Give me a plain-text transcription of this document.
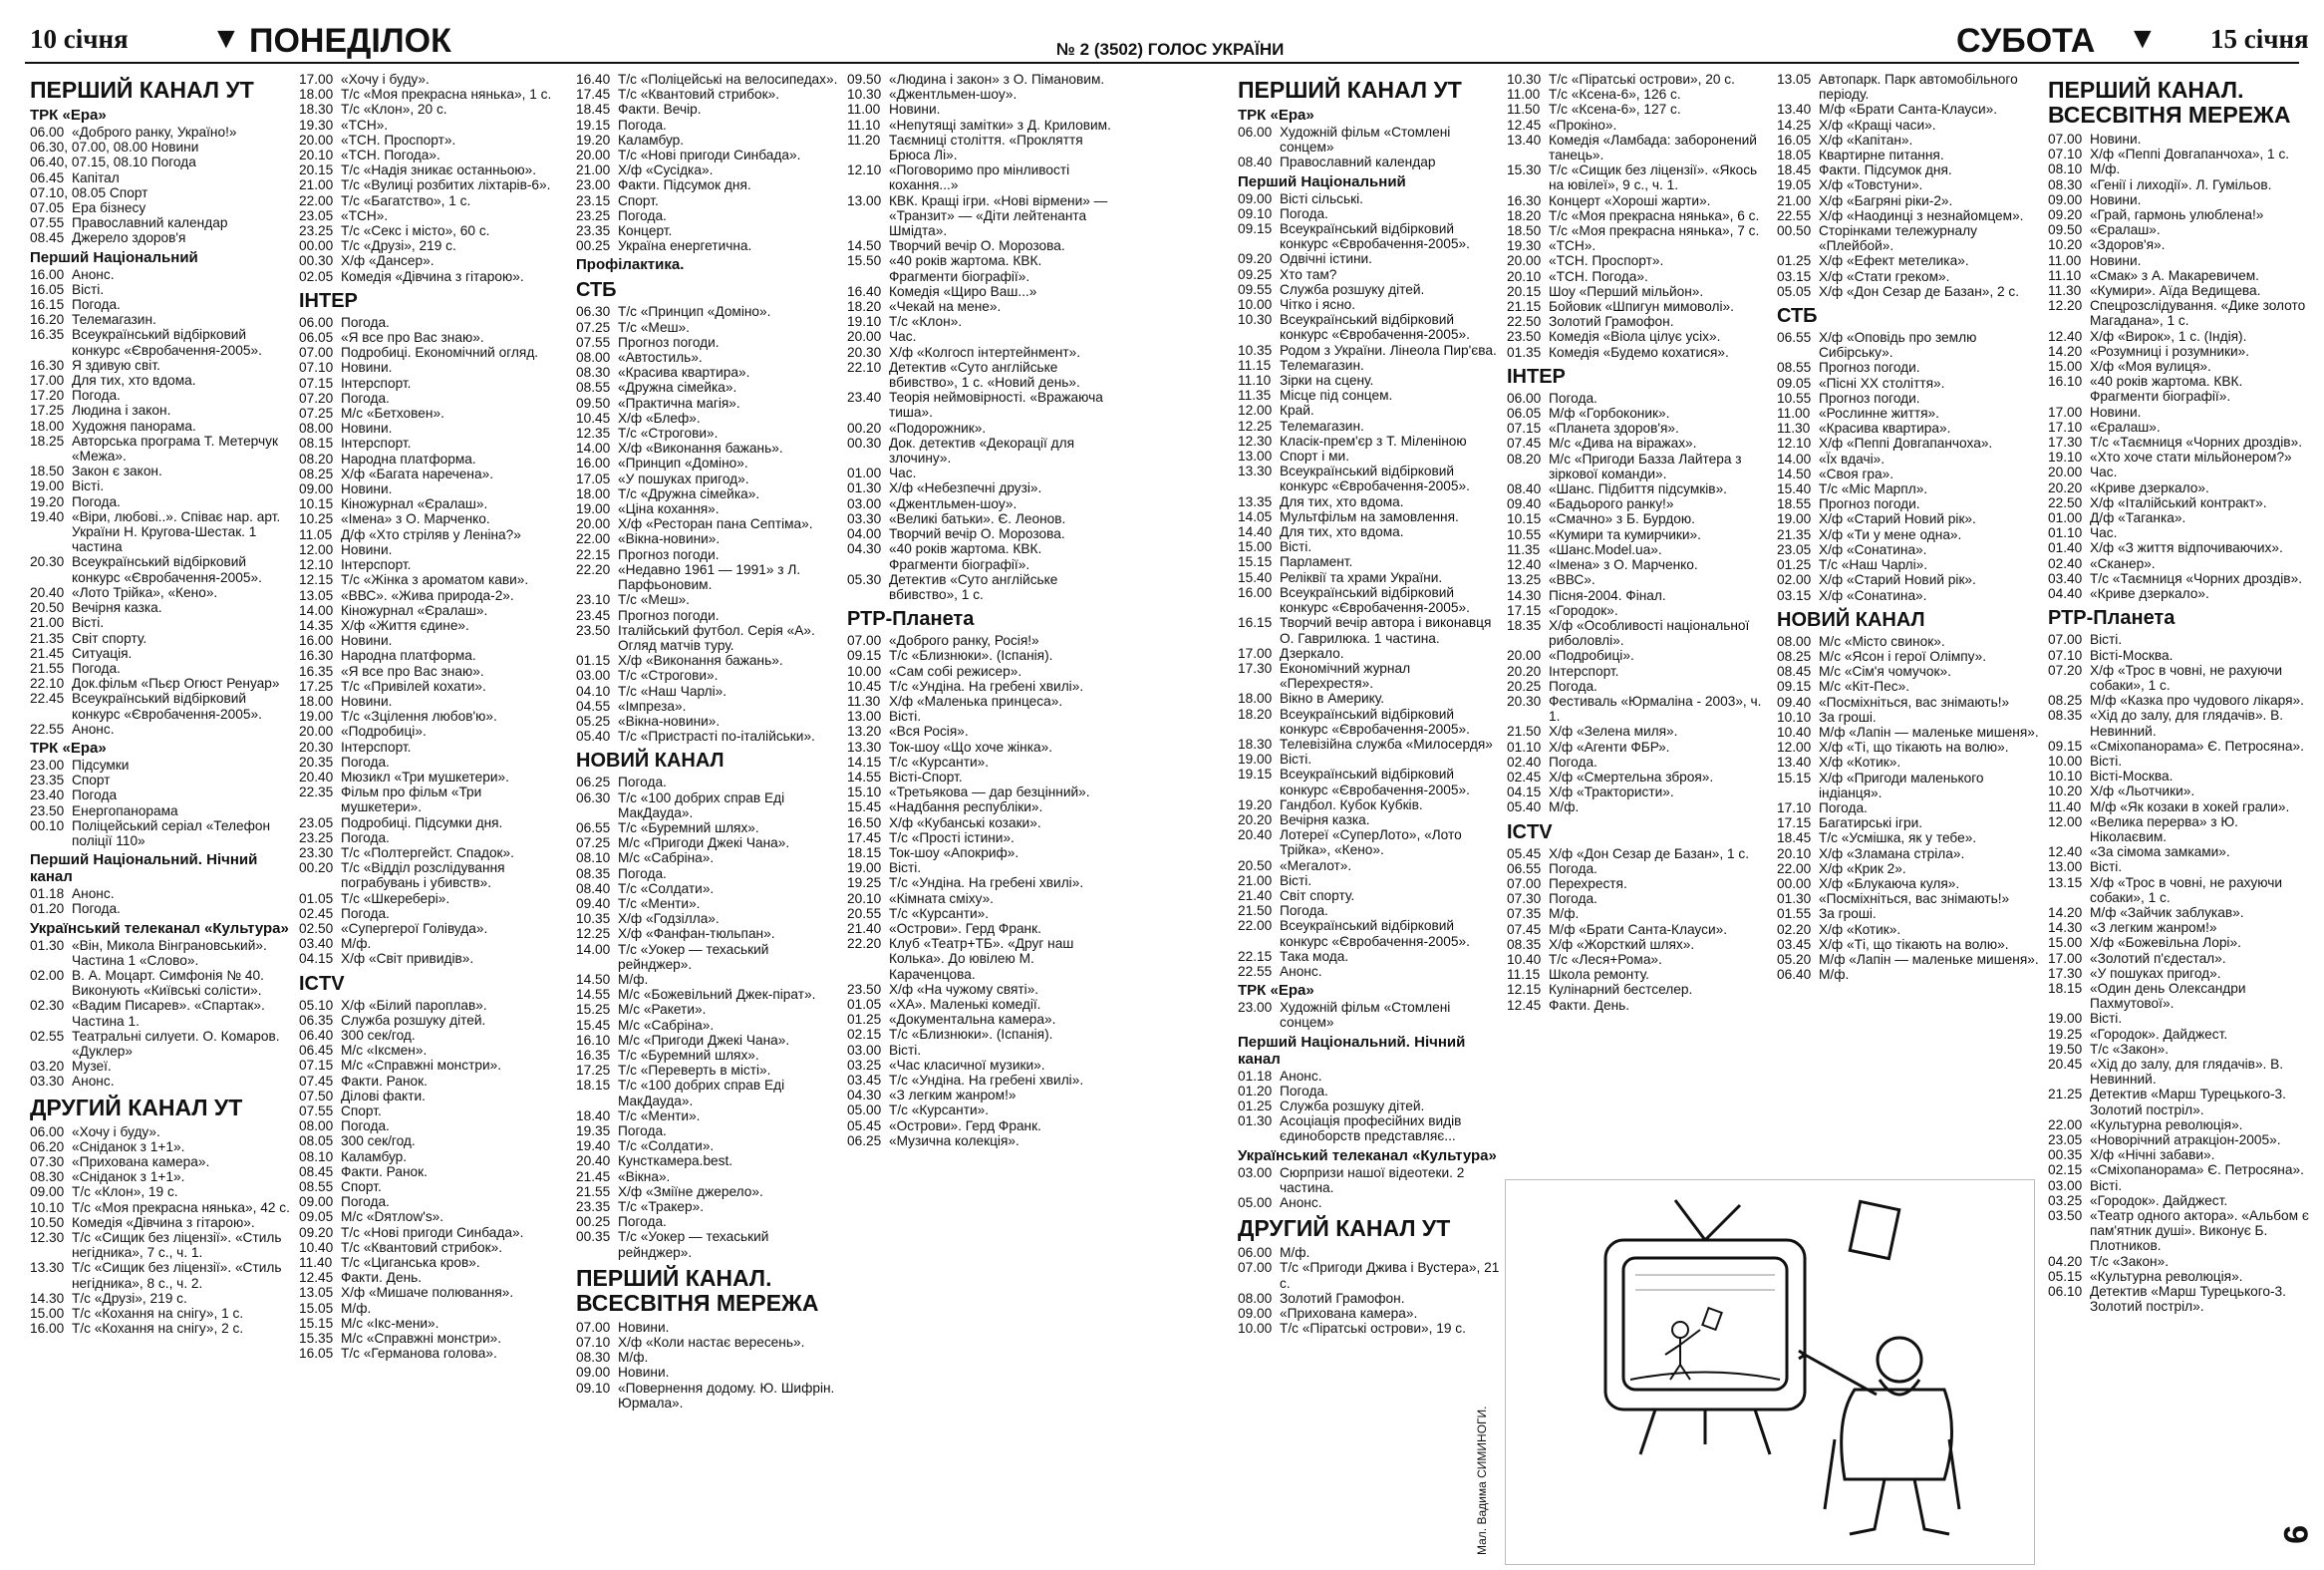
10 січня	▼ ПОНЕДІЛОК	№ 2 (3502) ГОЛОС УКРАЇНИ	СУБОТА ▼ 15 січня
ПЕРШИЙ КАНАЛ УТ
ТРК «Ера»
06.00 «Доброго ранку, Україно!»
06.30, 07.00, 08.00 Новини
06.40, 07.15, 08.10 Погода
06.45 Капітал
07.10, 08.05 Спорт
07.05 Ера бізнесу
07.55 Православний календар
08.45 Джерело здоров'я
Перший Національний
16.00 Анонс.
16.05 Вісті.
16.15 Погода.
16.20 Телемагазин.
16.35 Всеукраїнський відбірковий конкурс «Євробачення-2005».
16.30 Я здивую світ.
17.00 Для тих, хто вдома.
17.20 Погода.
17.25 Людина і закон.
18.00 Художня панорама.
18.25 Авторська програма Т. Метерчук «Межа».
18.50 Закон є закон.
19.00 Вісті.
19.20 Погода.
19.40 «Віри, любові..». Співає нар. арт. України Н. Кругова-Шестак. 1 частина
20.30 Всеукраїнський відбірковий конкурс «Євробачення-2005».
20.40 «Лото Трійка», «Кено».
20.50 Вечірня казка.
21.00 Вісті.
21.35 Світ спорту.
21.45 Ситуація.
21.55 Погода.
22.10 Док.фільм «Пьєр Огюст Ренуар»
22.45 Всеукраїнський відбірковий конкурс «Євробачення-2005».
22.55 Анонс.
ТРК «Ера»
23.00 Підсумки
23.35 Спорт
23.40 Погода
23.50 Енергопанорама
00.10 Поліцейський серіал «Телефон поліції 110»
Перший Національний. Нічний канал
01.18 Анонс.
01.20 Погода.
Український телеканал «Культура»
01.30 «Він, Микола Вінграновський». Частина 1 «Слово».
02.00 В. А. Моцарт. Симфонія № 40. Виконують «Київські солісти».
02.30 «Вадим Писарев». «Спартак». Частина 1.
02.55 Театральні силуети. О. Комаров. «Дуклер»
03.20 Музеї.
03.30 Анонс.
ДРУГИЙ КАНАЛ УТ
06.00 «Хочу і буду».
06.20 «Сніданок з 1+1».
07.30 «Прихована камера».
08.30 «Сніданок з 1+1».
09.00 Т/с «Клон», 19 с.
10.10 Т/с «Моя прекрасна нянька», 42 с.
10.50 Комедія «Дівчина з гітарою».
12.30 Т/с «Сищик без ліцензії». «Стиль негідника», 7 с., ч. 1.
13.30 Т/с «Сищик без ліцензії». «Стиль негідника», 8 с., ч. 2.
14.30 Т/с «Друзі», 219 с.
15.00 Т/с «Кохання на снігу», 1 с.
16.00 Т/с «Кохання на снігу», 2 с.
17.00 «Хочу і буду».
18.00 Т/с «Моя прекрасна нянька», 1 с.
18.30 Т/с «Клон», 20 с.
19.30 «ТСН».
20.00 «ТСН. Проспорт».
20.10 «ТСН. Погода».
20.15 Т/с «Надія зникає останньою».
21.00 Т/с «Вулиці розбитих ліхтарів-6».
22.00 Т/с «Багатство», 1 с.
23.05 «ТСН».
23.25 Т/с «Секс і місто», 60 с.
00.00 Т/с «Друзі», 219 с.
00.30 Х/ф «Дансер».
02.05 Комедія «Дівчина з гітарою».
ІНТЕР
06.00 Погода.
06.05 «Я все про Вас знаю».
07.00 Подробиці. Економічний огляд.
07.10 Новини.
07.15 Інтерспорт.
07.20 Погода.
07.25 М/с «Бетховен».
08.00 Новини.
08.15 Інтерспорт.
08.20 Народна платформа.
08.25 Х/ф «Багата наречена».
09.00 Новини.
10.15 Кіножурнал «Єралаш».
10.25 «Імена» з О. Марченко.
11.05 Д/ф «Хто стріляв у Леніна?»
12.00 Новини.
12.10 Інтерспорт.
12.15 Т/с «Жінка з ароматом кави».
13.05 «ВВС». «Жива природа-2».
14.00 Кіножурнал «Єралаш».
14.35 Х/ф «Життя єдине».
16.00 Новини.
16.30 Народна платформа.
16.35 «Я все про Вас знаю».
17.25 Т/с «Привілей кохати».
18.00 Новини.
19.00 Т/с «Зцілення любов'ю».
20.00 «Подробиці».
20.30 Інтерспорт.
20.35 Погода.
20.40 Мюзикл «Три мушкетери».
22.35 Фільм про фільм «Три мушкетери».
23.05 Подробиці. Підсумки дня.
23.25 Погода.
23.30 Т/с «Полтергейст. Спадок».
00.20 Т/с «Відділ розслідування пограбувань і убивств».
01.05 Т/с «Шкеребері».
02.45 Погода.
02.50 «Супергерої Голівуда».
03.40 М/ф.
04.15 Х/ф «Світ привидів».
ICTV
05.10 Х/ф «Білий пароплав».
06.35 Служба розшуку дітей.
06.40 300 сек/год.
06.45 М/с «Іксмен».
07.15 М/с «Справжні монстри».
07.45 Факти. Ранок.
07.50 Ділові факти.
07.55 Спорт.
08.00 Погода.
08.05 300 сек/год.
08.10 Каламбур.
08.45 Факти. Ранок.
08.55 Спорт.
09.00 Погода.
09.05 М/с «Dятлow's».
09.20 Т/с «Нові пригоди Синбада».
10.40 Т/с «Квантовий стрибок».
11.40 Т/с «Циганська кров».
12.45 Факти. День.
13.05 Х/ф «Мишаче полювання».
15.05 М/ф.
15.15 М/с «Ікс-мени».
15.35 М/с «Справжні монстри».
16.05 Т/с «Германова голова».
16.40 Т/с «Поліцейські на велосипедах».
17.45 Т/с «Квантовий стрибок».
18.45 Факти. Вечір.
19.15 Погода.
19.20 Каламбур.
20.00 Т/с «Нові пригоди Синбада».
21.00 Х/ф «Сусідка».
23.00 Факти. Підсумок дня.
23.15 Спорт.
23.25 Погода.
23.35 Концерт.
00.25 Україна енергетична.
Профілактика.
СТБ
06.30 Т/с «Принцип «Доміно».
07.25 Т/с «Меш».
07.55 Прогноз погоди.
08.00 «Автостиль».
08.30 «Красива квартира».
08.55 «Дружна сімейка».
09.50 «Практична магія».
10.45 Х/ф «Блеф».
12.35 Т/с «Строгови».
14.00 Х/ф «Виконання бажань».
16.00 «Принцип «Доміно».
17.05 «У пошуках пригод».
18.00 Т/с «Дружна сімейка».
19.00 «Ціна кохання».
20.00 Х/ф «Ресторан пана Септіма».
22.00 «Вікна-новини».
22.15 Прогноз погоди.
22.20 «Недавно 1961 — 1991» з Л. Парфьоновим.
23.10 Т/с «Меш».
23.45 Прогноз погоди.
23.50 Італійський футбол. Серія «А». Огляд матчів туру.
01.15 Х/ф «Виконання бажань».
03.00 Т/с «Строгови».
04.10 Т/с «Наш Чарлі».
04.55 «Імпреза».
05.25 «Вікна-новини».
05.40 Т/с «Пристрасті по-італійськи».
НОВИЙ КАНАЛ
06.25 Погода.
06.30 Т/с «100 добрих справ Еді МакДауда».
06.55 Т/с «Буремний шлях».
07.25 М/с «Пригоди Джекі Чана».
08.10 М/с «Сабріна».
08.35 Погода.
08.40 Т/с «Солдати».
09.40 Т/с «Менти».
10.35 Х/ф «Годзілла».
12.25 Х/ф «Фанфан-тюльпан».
14.00 Т/с «Уокер — техаський рейнджер».
14.50 М/ф.
14.55 М/с «Божевільний Джек-пірат».
15.25 М/с «Ракети».
15.45 М/с «Сабріна».
16.10 М/с «Пригоди Джекі Чана».
16.35 Т/с «Буремний шлях».
17.25 Т/с «Переверть в місті».
18.15 Т/с «100 добрих справ Еді МакДауда».
18.40 Т/с «Менти».
19.35 Погода.
19.40 Т/с «Солдати».
20.40 Кунсткамера.best.
21.45 «Вікна».
21.55 Х/ф «Зміїне джерело».
23.35 Т/с «Тракер».
00.25 Погода.
00.35 Т/с «Уокер — техаський рейнджер».
ПЕРШИЙ КАНАЛ. ВСЕСВІТНЯ МЕРЕЖА
07.00 Новини.
07.10 Х/ф «Коли настає вересень».
08.30 М/ф.
09.00 Новини.
09.10 «Повернення додому. Ю. Шифрін. Юрмала».
09.50 «Людина і закон» з О. Пімановим.
10.30 «Джентльмен-шоу».
11.00 Новини.
11.10 «Непутящі замітки» з Д. Криловим.
11.20 Таємниці століття. «Прокляття Брюса Лі».
12.10 «Поговоримо про мінливості кохання...»
13.00 КВК. Кращі ігри. «Нові вірмени» — «Транзит» — «Діти лейтенанта Шмідта».
14.50 Творчий вечір О. Морозова.
15.50 «40 років жартома. КВК. Фрагменти біографії».
16.40 Комедія «Щиро Ваш...»
18.20 «Чекай на мене».
19.10 Т/с «Клон».
20.00 Час.
20.30 Х/ф «Колгосп інтертейнмент».
22.10 Детектив «Суто англійське вбивство», 1 с. «Новий день».
23.40 Теорія неймовірності. «Вражаюча тиша».
00.20 «Подорожник».
00.30 Док. детектив «Декорації для злочину».
01.00 Час.
01.30 Х/ф «Небезпечні друзі».
03.00 «Джентльмен-шоу».
03.30 «Великі батьки». Є. Леонов.
04.00 Творчий вечір О. Морозова.
04.30 «40 років жартома. КВК. Фрагменти біографії».
05.30 Детектив «Суто англійське вбивство», 1 с.
РТР-Планета
07.00 «Доброго ранку, Росія!»
09.15 Т/с «Близнюки». (Іспанія).
10.00 «Сам собі режисер».
10.45 Т/с «Ундіна. На гребені хвилі».
11.30 Х/ф «Маленька принцеса».
13.00 Вісті.
13.20 «Вся Росія».
13.30 Ток-шоу «Що хоче жінка».
14.15 Т/с «Курсанти».
14.55 Вісті-Спорт.
15.10 «Третьякова — дар безцінний».
15.45 «Надбання республіки».
16.50 Х/ф «Кубанські козаки».
17.45 Т/с «Прості істини».
18.15 Ток-шоу «Апокриф».
19.00 Вісті.
19.25 Т/с «Ундіна. На гребені хвилі».
20.10 «Кімната сміху».
20.55 Т/с «Курсанти».
21.40 «Острови». Герд Франк.
22.20 Клуб «Театр+ТБ». «Друг наш Колька». До ювілею М. Караченцова.
23.50 Х/ф «На чужому святі».
01.05 «ХА». Маленькі комедії.
01.25 «Документальна камера».
02.15 Т/с «Близнюки». (Іспанія).
03.00 Вісті.
03.25 «Час класичної музики».
03.45 Т/с «Ундіна. На гребені хвилі».
04.30 «З легким жанром!»
05.00 Т/с «Курсанти».
05.45 «Острови». Герд Франк.
06.25 «Музична колекція».
ПЕРШИЙ КАНАЛ УТ
ТРК «Ера»
06.00 Художній фільм «Стомлені сонцем»
08.40 Православний календар
Перший Національний
09.00 Вісті сільські.
09.10 Погода.
09.15 Всеукраїнський відбірковий конкурс «Євробачення-2005».
09.20 Одвічні істини.
09.25 Хто там?
09.55 Служба розшуку дітей.
10.00 Чітко і ясно.
10.30 Всеукраїнський відбірковий конкурс «Євробачення-2005».
10.35 Родом з України. Лінеола Пир'єва.
11.15 Телемагазин.
11.10 Зірки на сцену.
11.35 Місце під сонцем.
12.00 Край.
12.25 Телемагазин.
12.30 Класік-прем'єр з Т. Міленіною
13.00 Спорт і ми.
13.30 Всеукраїнський відбірковий конкурс «Євробачення-2005».
13.35 Для тих, хто вдома.
14.05 Мультфільм на замовлення.
14.40 Для тих, хто вдома.
15.00 Вісті.
15.15 Парламент.
15.40 Реліквії та храми України.
16.00 Всеукраїнський відбірковий конкурс «Євробачення-2005».
16.15 Творчий вечір автора і виконавця О. Гаврилюка. 1 частина.
17.00 Дзеркало.
17.30 Економічний журнал «Перехрестя».
18.00 Вікно в Америку.
18.20 Всеукраїнський відбірковий конкурс «Євробачення-2005».
18.30 Телевізійна служба «Милосердя»
19.00 Вісті.
19.15 Всеукраїнський відбірковий конкурс «Євробачення-2005».
19.20 Гандбол. Кубок Кубків.
20.20 Вечірня казка.
20.40 Лотереї «СуперЛото», «Лото Трійка», «Кено».
20.50 «Мегалот».
21.00 Вісті.
21.40 Світ спорту.
21.50 Погода.
22.00 Всеукраїнський відбірковий конкурс «Євробачення-2005».
22.15 Така мода.
22.55 Анонс.
ТРК «Ера»
23.00 Художній фільм «Стомлені сонцем»
Перший Національний. Нічний канал
01.18 Анонс.
01.20 Погода.
01.25 Служба розшуку дітей.
01.30 Асоціація професійних видів єдиноборств представляє...
Український телеканал «Культура»
03.00 Сюрпризи нашої відеотеки. 2 частина.
05.00 Анонс.
ДРУГИЙ КАНАЛ УТ
06.00 М/ф.
07.00 Т/с «Пригоди Джива і Вустера», 21 с.
08.00 Золотий Грамофон.
09.00 «Прихована камера».
10.00 Т/с «Піратські острови», 19 с.
10.30 Т/с «Піратські острови», 20 с.
11.00 Т/с «Ксена-6», 126 с.
11.50 Т/с «Ксена-6», 127 с.
12.45 «Прокіно».
13.40 Комедія «Ламбада: заборонений танець».
15.30 Т/с «Сищик без ліцензії». «Якось на ювілеї», 9 с., ч. 1.
16.30 Концерт «Хороші жарти».
18.20 Т/с «Моя прекрасна нянька», 6 с.
18.50 Т/с «Моя прекрасна нянька», 7 с.
19.30 «ТСН».
20.00 «ТСН. Проспорт».
20.10 «ТСН. Погода».
20.15 Шоу «Перший мільйон».
21.15 Бойовик «Шпигун мимоволі».
22.50 Золотий Грамофон.
23.50 Комедія «Віола цілує усіх».
01.35 Комедія «Будемо кохатися».
ІНТЕР
06.00 Погода.
06.05 М/ф «Горбоконик».
07.15 «Планета здоров'я».
07.45 М/с «Дива на віражах».
08.20 М/с «Пригоди Базза Лайтера з зіркової команди».
08.40 «Шанс. Підбиття підсумків».
09.40 «Бадьорого ранку!»
10.15 «Смачно» з Б. Бурдою.
10.55 «Кумири та кумирчики».
11.35 «Шанс.Model.ua».
12.40 «Імена» з О. Марченко.
13.25 «ВВС».
14.30 Пісня-2004. Фінал.
17.15 «Городок».
18.35 Х/ф «Особливості національної риболовлі».
20.00 «Подробиці».
20.20 Інтерспорт.
20.25 Погода.
20.30 Фестиваль «Юрмаліна - 2003», ч. 1.
21.50 Х/ф «Зелена миля».
01.10 Х/ф «Агенти ФБР».
02.40 Погода.
02.45 Х/ф «Смертельна зброя».
04.15 Х/ф «Трактористи».
05.40 М/ф.
ICTV
05.45 Х/ф «Дон Сезар де Базан», 1 с.
06.55 Погода.
07.00 Перехрестя.
07.30 Погода.
07.35 М/ф.
07.45 М/ф «Брати Санта-Клауси».
08.35 Х/ф «Жорсткий шлях».
10.40 Т/с «Леся+Рома».
11.15 Школа ремонту.
12.15 Кулінарний бестселер.
12.45 Факти. День.
13.05 Автопарк. Парк автомобільного періоду.
13.40 М/ф «Брати Санта-Клауси».
14.25 Х/ф «Кращі часи».
16.05 Х/ф «Капітан».
18.05 Квартирне питання.
18.45 Факти. Підсумок дня.
19.05 Х/ф «Товстуни».
21.00 Х/ф «Багряні ріки-2».
22.55 Х/ф «Наодинці з незнайомцем».
00.50 Сторінками тележурналу «Плейбой».
01.25 Х/ф «Ефект метелика».
03.15 Х/ф «Стати греком».
05.05 Х/ф «Дон Сезар де Базан», 2 с.
СТБ
06.55 Х/ф «Оповідь про землю Сибірську».
08.55 Прогноз погоди.
09.05 «Пісні ХХ століття».
10.55 Прогноз погоди.
11.00 «Рослинне життя».
11.30 «Красива квартира».
12.10 Х/ф «Пеппі Довгапанчоха».
14.00 «Їх вдачі».
14.50 «Своя гра».
15.40 Т/с «Міс Марпл».
18.55 Прогноз погоди.
19.00 Х/ф «Старий Новий рік».
21.35 Х/ф «Ти у мене одна».
23.05 Х/ф «Сонатина».
01.25 Т/с «Наш Чарлі».
02.00 Х/ф «Старий Новий рік».
03.15 Х/ф «Сонатина».
НОВИЙ КАНАЛ
08.00 М/с «Місто свинок».
08.25 М/с «Ясон і герої Олімпу».
08.45 М/с «Сім'я чомучок».
09.15 М/с «Кіт-Пес».
09.40 «Посміхніться, вас знімають!»
10.10 За гроші.
10.40 М/ф «Лапін — маленьке мишеня».
12.00 Х/ф «Ті, що тікають на волю».
13.40 Х/ф «Котик».
15.15 Х/ф «Пригоди маленького індіанця».
17.10 Погода.
17.15 Багатирські ігри.
18.45 Т/с «Усмішка, як у тебе».
20.10 Х/ф «Зламана стріла».
22.00 Х/ф «Крик 2».
00.00 Х/ф «Блукаюча куля».
01.30 «Посміхніться, вас знімають!»
01.55 За гроші.
02.20 Х/ф «Котик».
03.45 Х/ф «Ті, що тікають на волю».
05.20 М/ф «Лапін — маленьке мишеня».
06.40 М/ф.
ПЕРШИЙ КАНАЛ. ВСЕСВІТНЯ МЕРЕЖА
07.00 Новини.
07.10 Х/ф «Пеппі Довгапанчоха», 1 с.
08.10 М/ф.
08.30 «Генії і лиходії». Л. Гумільов.
09.00 Новини.
09.20 «Грай, гармонь улюблена!»
09.50 «Єралаш».
10.20 «Здоров'я».
11.00 Новини.
11.10 «Смак» з А. Макаревичем.
11.30 «Кумири». Аїда Ведищева.
12.20 Спецрозслідування. «Дике золото Магадана», 1 с.
12.40 Х/ф «Вирок», 1 с. (Індія).
14.20 «Розумниці і розумники».
15.00 Х/ф «Моя вулиця».
16.10 «40 років жартома. КВК. Фрагменти біографії».
17.00 Новини.
17.10 «Єралаш».
17.30 Т/с «Таємниця «Чорних дроздів».
19.10 «Хто хоче стати мільйонером?»
20.00 Час.
20.20 «Криве дзеркало».
22.50 Х/ф «Італійський контракт».
01.00 Д/ф «Таганка».
01.10 Час.
01.40 Х/ф «З життя відпочиваючих».
02.40 «Сканер».
03.40 Т/с «Таємниця «Чорних дроздів».
04.40 «Криве дзеркало».
РТР-Планета
07.00 Вісті.
07.10 Вісті-Москва.
07.20 Х/ф «Трос в човні, не рахуючи собаки», 1 с.
08.25 М/ф «Казка про чудового лікаря».
08.35 «Хід до залу, для глядачів». В. Невинний.
09.15 «Сміхопанорама» Є. Петросяна».
10.00 Вісті.
10.10 Вісті-Москва.
10.20 Х/ф «Льотчики».
11.40 М/ф «Як козаки в хокей грали».
12.00 «Велика перерва» з Ю. Ніколаєвим.
12.40 «За сімома замками».
13.00 Вісті.
13.15 Х/ф «Трос в човні, не рахуючи собаки», 1 с.
14.20 М/ф «Зайчик заблукав».
14.30 «З легким жанром!»
15.00 Х/ф «Божевільна Лорі».
17.00 «Золотий п'єдестал».
17.30 «У пошуках пригод».
18.15 «Один день Олександри Пахмутової».
19.00 Вісті.
19.25 «Городок». Дайджест.
19.50 Т/с «Закон».
20.45 «Хід до залу, для глядачів». В. Невинний.
21.25 Детектив «Марш Турецького-3. Золотий постріл».
22.00 «Культурна революція».
23.05 «Новорічний атракціон-2005».
00.35 Х/ф «Нічні забави».
02.15 «Сміхопанорама» Є. Петросяна».
03.00 Вісті.
03.25 «Городок». Дайджест.
03.50 «Театр одного актора». «Альбом є пам'ятник душі». Виконує Б. Плотников.
04.20 Т/с «Закон».
05.15 «Культурна революція».
06.10 Детектив «Марш Турецького-3. Золотий постріл».
.
Мал. Вадима СИМИНОГИ.	9
